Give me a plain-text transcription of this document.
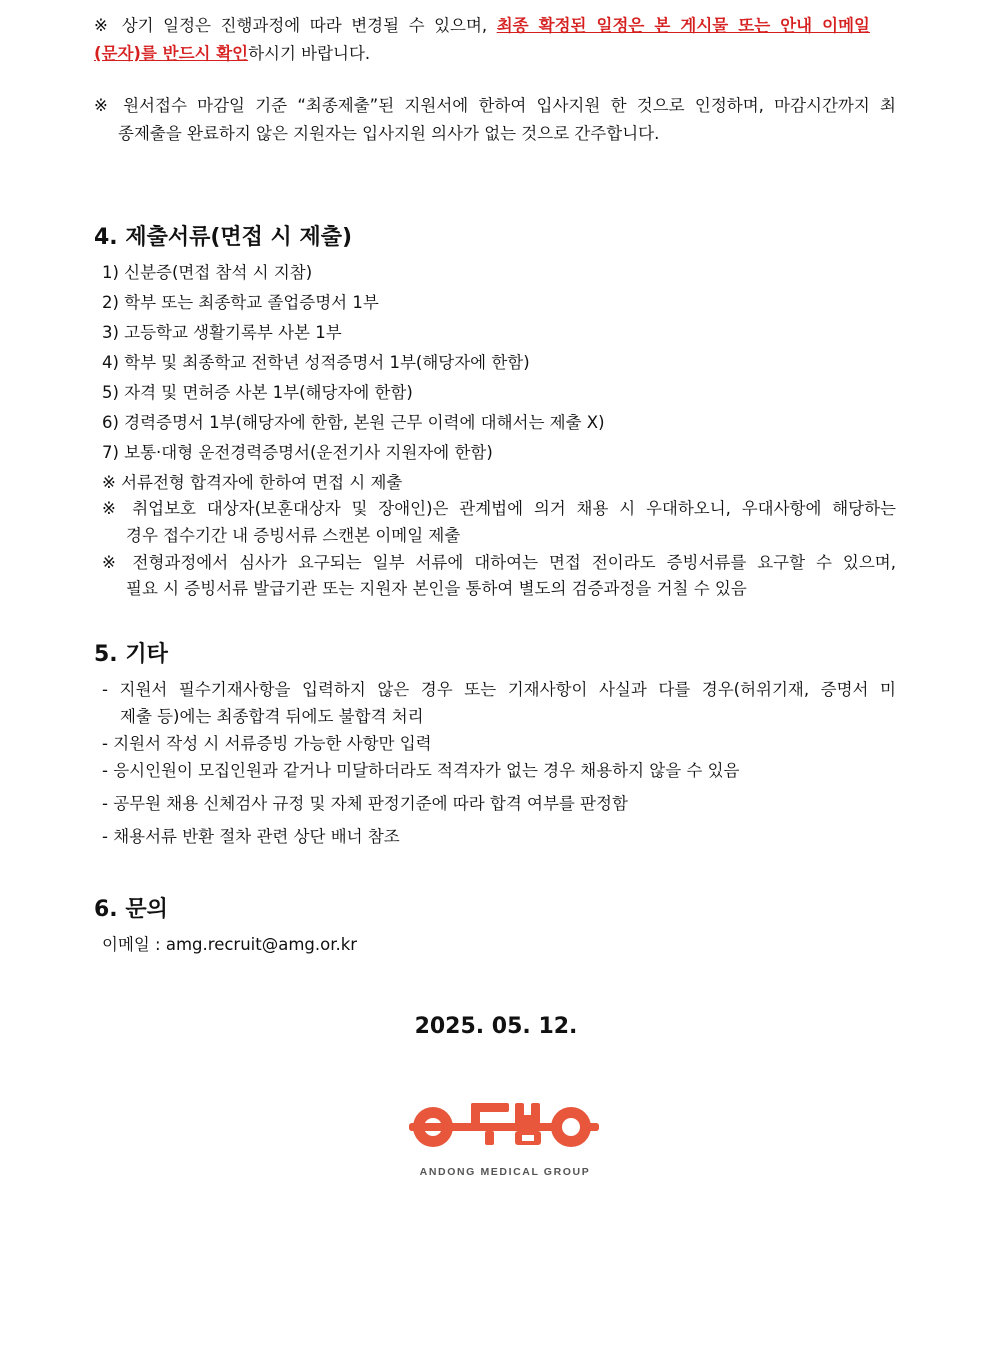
※ 상기 일정은 진행과정에 따라 변경될 수 있으며, 최종 확정된 일정은 본 게시물 또는 안내 이메일
(문자)를 반드시 확인하시기 바랍니다.
※ 원서접수 마감일 기준 “최종제출”된 지원서에 한하여 입사지원 한 것으로 인정하며, 마감시간까지 최
종제출을 완료하지 않은 지원자는 입사지원 의사가 없는 것으로 간주합니다.
4. 제출서류(면접 시 제출)
1) 신분증(면접 참석 시 지참)
2) 학부 또는 최종학교 졸업증명서 1부
3) 고등학교 생활기록부 사본 1부
4) 학부 및 최종학교 전학년 성적증명서 1부(해당자에 한함)
5) 자격 및 면허증 사본 1부(해당자에 한함)
6) 경력증명서 1부(해당자에 한함, 본원 근무 이력에 대해서는 제출 X)
7) 보통·대형 운전경력증명서(운전기사 지원자에 한함)
※ 서류전형 합격자에 한하여 면접 시 제출
※ 취업보호 대상자(보훈대상자 및 장애인)은 관계법에 의거 채용 시 우대하오니, 우대사항에 해당하는
경우 접수기간 내 증빙서류 스캔본 이메일 제출
※ 전형과정에서 심사가 요구되는 일부 서류에 대하여는 면접 전이라도 증빙서류를 요구할 수 있으며,
필요 시 증빙서류 발급기관 또는 지원자 본인을 통하여 별도의 검증과정을 거칠 수 있음
5. 기타
- 지원서 필수기재사항을 입력하지 않은 경우 또는 기재사항이 사실과 다를 경우(허위기재, 증명서 미
제출 등)에는 최종합격 뒤에도 불합격 처리
- 지원서 작성 시 서류증빙 가능한 사항만 입력
- 응시인원이 모집인원과 같거나 미달하더라도 적격자가 없는 경우 채용하지 않을 수 있음
- 공무원 채용 신체검사 규정 및 자체 판정기준에 따라 합격 여부를 판정함
- 채용서류 반환 절차 관련 상단 배너 참조
6. 문의
이메일 : amg.recruit@amg.or.kr
2025. 05. 12.
ANDONG MEDICAL GROUP
